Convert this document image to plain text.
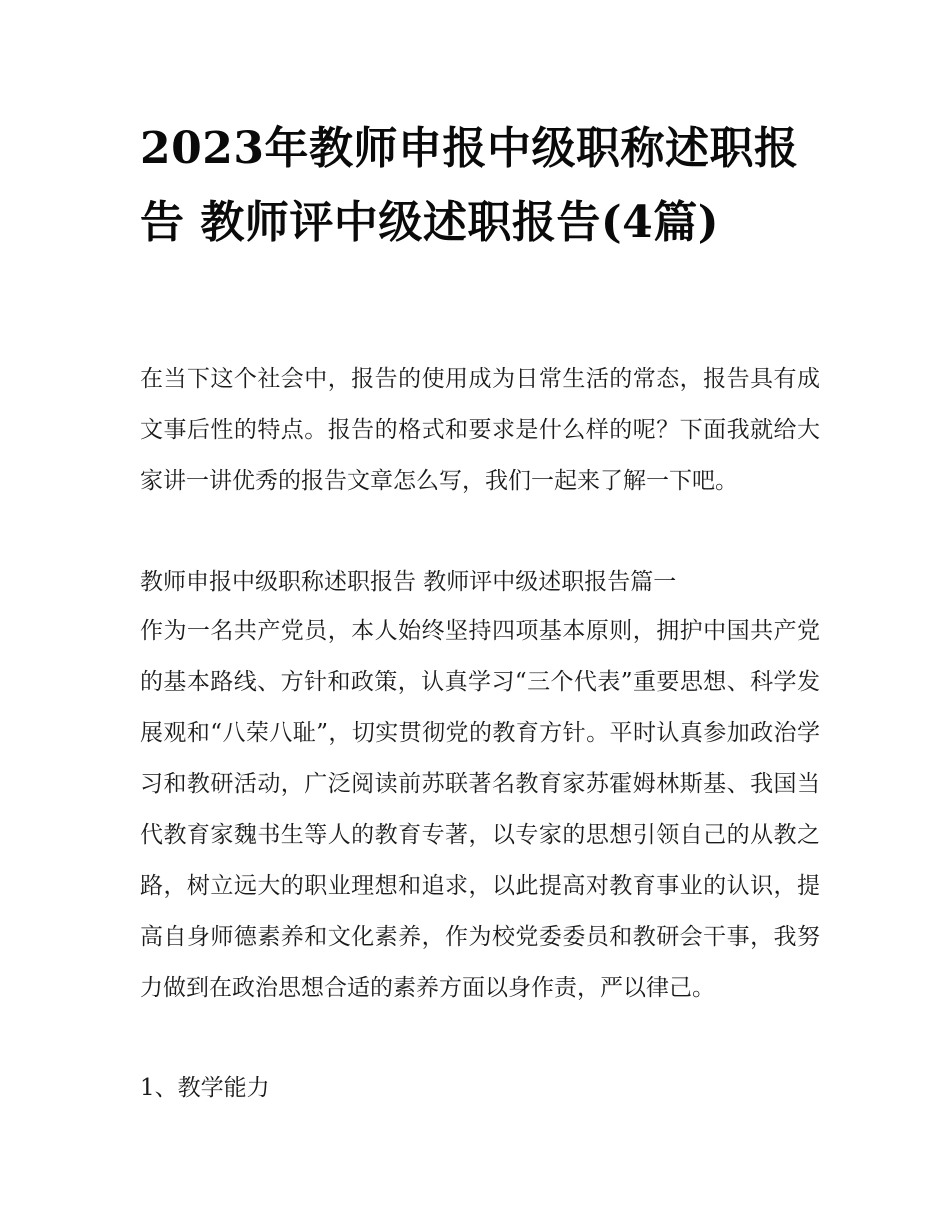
2023年教师申报中级职称述职报告 教师评中级述职报告(4篇)

在当下这个社会中，报告的使用成为日常生活的常态，报告具有成文事后性的特点。报告的格式和要求是什么样的呢？下面我就给大家讲一讲优秀的报告文章怎么写，我们一起来了解一下吧。

教师申报中级职称述职报告 教师评中级述职报告篇一

作为一名共产党员，本人始终坚持四项基本原则，拥护中国共产党的基本路线、方针和政策，认真学习“三个代表”重要思想、科学发展观和“八荣八耻”，切实贯彻党的教育方针。平时认真参加政治学习和教研活动，广泛阅读前苏联著名教育家苏霍姆林斯基、我国当代教育家魏书生等人的教育专著，以专家的思想引领自己的从教之路，树立远大的职业理想和追求，以此提高对教育事业的认识，提高自身师德素养和文化素养，作为校党委委员和教研会干事，我努力做到在政治思想合适的素养方面以身作责，严以律己。

1、教学能力
